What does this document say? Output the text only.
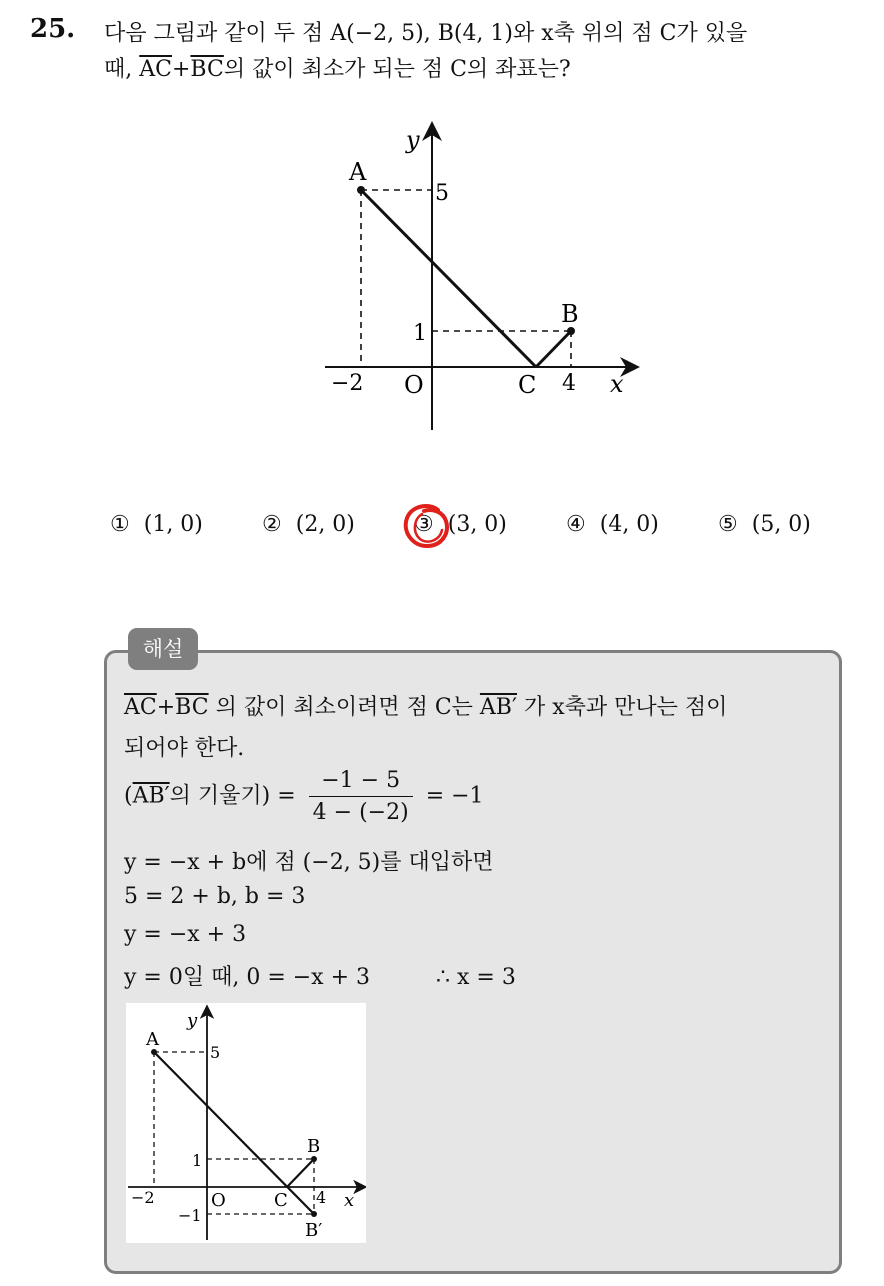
25. 다음 그림과 같이 두 점 A(−2, 5), B(4, 1)와 x축 위의 점 C가 있을
때, $\overline{AC}+\overline{BC}$의 값이 최소가 되는 점 C의 좌표는?
y
x
O
A
B
C
5
1
−2	4
① (1, 0)	② (2, 0)	③ (3, 0)	④ (4, 0)	⑤ (5, 0)
해설
$\overline{AC}+\overline{BC}$ 의 값이 최소이려면 점 C는 AB′ 가 x축과 만나는 점이
되어야 한다.
(AB′의 기울기) = $\frac{-1 - 5}{4 - (-2)} = -1$
y = −x + b에 점 (−2, 5)를 대입하면
5 = 2 + b, b = 3
y = −x + 3
y = 0일 때, 0 = −x + 3	∴ x = 3
y
x
O
A
B
B′
C
5
1
−1
−2	4
